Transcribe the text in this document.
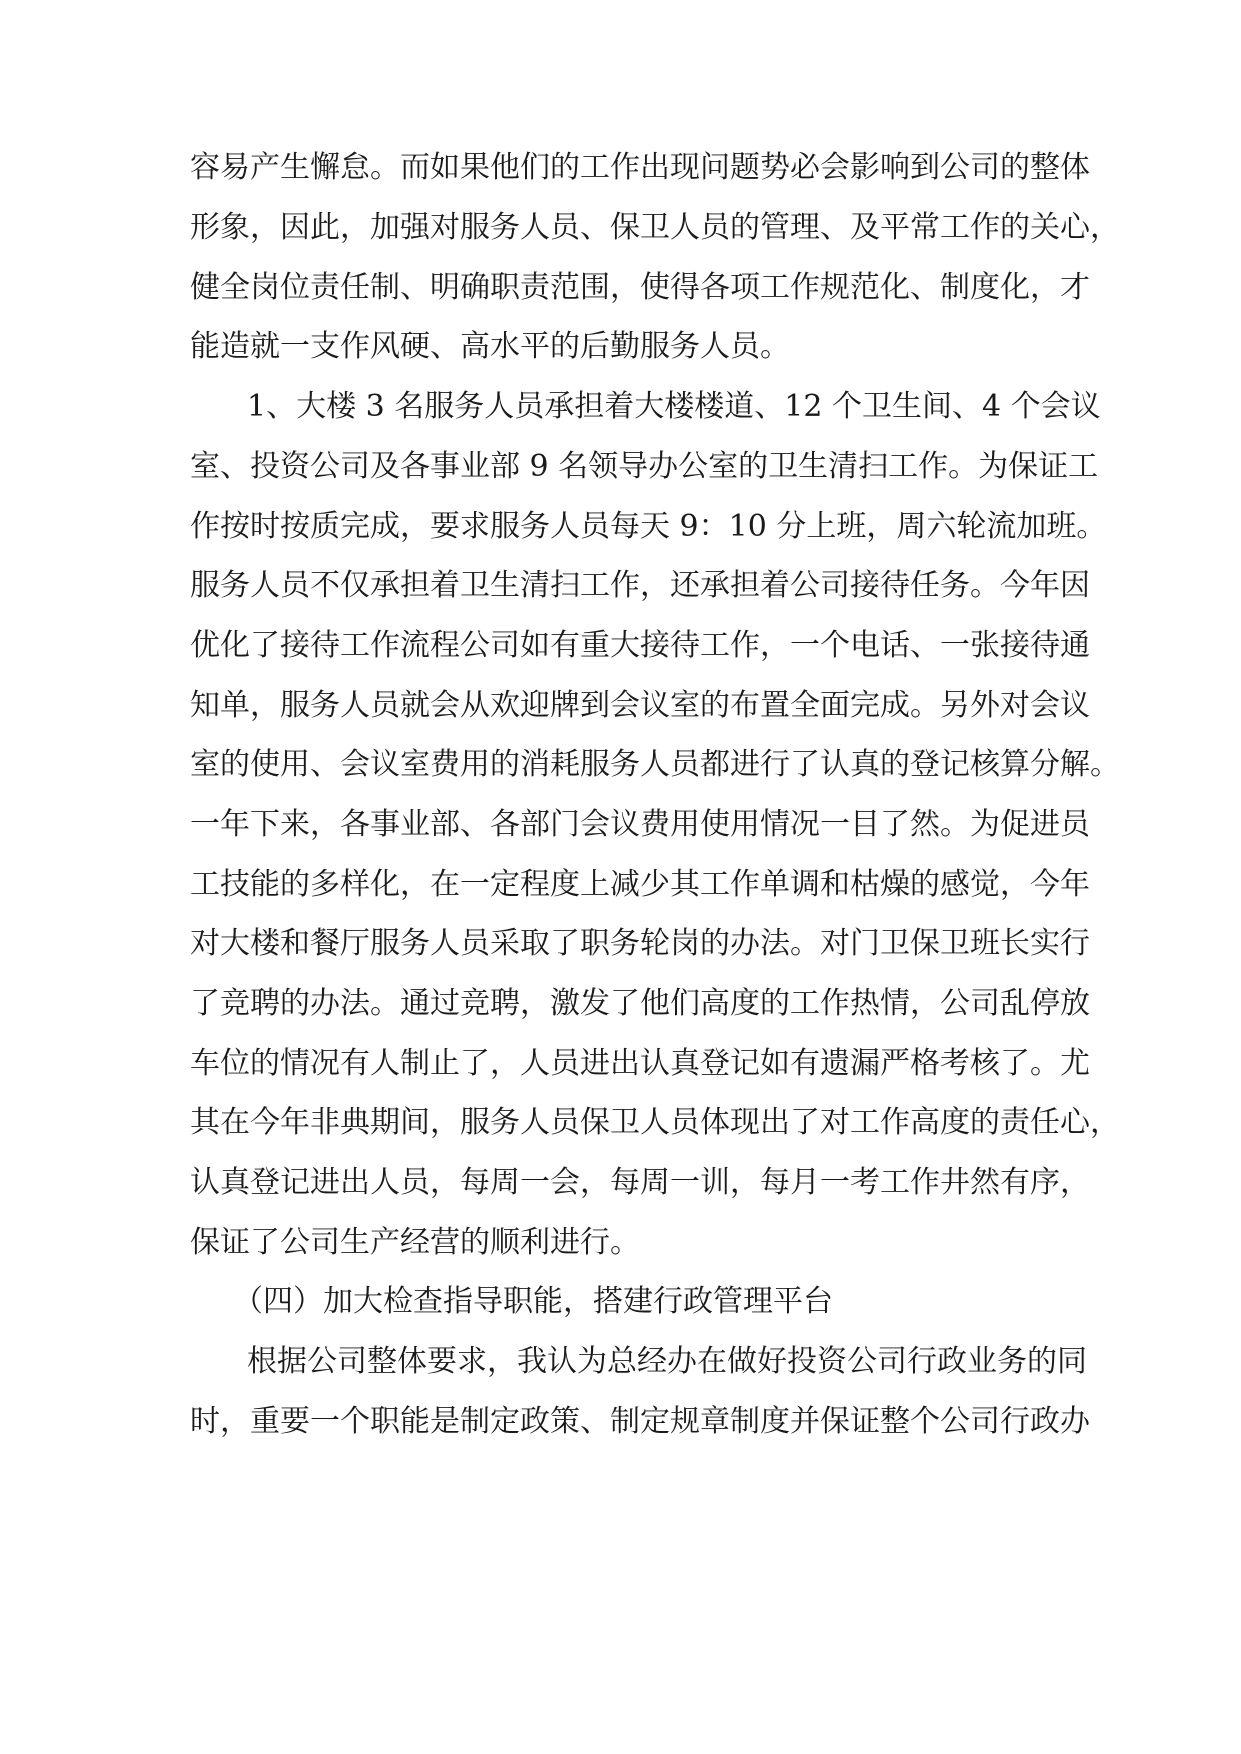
容易产生懈怠。而如果他们的工作出现问题势必会影响到公司的整体
形象，因此，加强对服务人员、保卫人员的管理、及平常工作的关心，
健全岗位责任制、明确职责范围，使得各项工作规范化、制度化，才
能造就一支作风硬、高水平的后勤服务人员。
1、大楼 3 名服务人员承担着大楼楼道、12 个卫生间、4 个会议
室、投资公司及各事业部 9 名领导办公室的卫生清扫工作。为保证工
作按时按质完成，要求服务人员每天 9：10 分上班，周六轮流加班。
服务人员不仅承担着卫生清扫工作，还承担着公司接待任务。今年因
优化了接待工作流程公司如有重大接待工作，一个电话、一张接待通
知单，服务人员就会从欢迎牌到会议室的布置全面完成。另外对会议
室的使用、会议室费用的消耗服务人员都进行了认真的登记核算分解。
一年下来，各事业部、各部门会议费用使用情况一目了然。为促进员
工技能的多样化，在一定程度上减少其工作单调和枯燥的感觉，今年
对大楼和餐厅服务人员采取了职务轮岗的办法。对门卫保卫班长实行
了竞聘的办法。通过竞聘，激发了他们高度的工作热情，公司乱停放
车位的情况有人制止了，人员进出认真登记如有遗漏严格考核了。尤
其在今年非典期间，服务人员保卫人员体现出了对工作高度的责任心，
认真登记进出人员，每周一会，每周一训，每月一考工作井然有序，
保证了公司生产经营的顺利进行。
（四）加大检查指导职能，搭建行政管理平台
根据公司整体要求，我认为总经办在做好投资公司行政业务的同
时，重要一个职能是制定政策、制定规章制度并保证整个公司行政办
